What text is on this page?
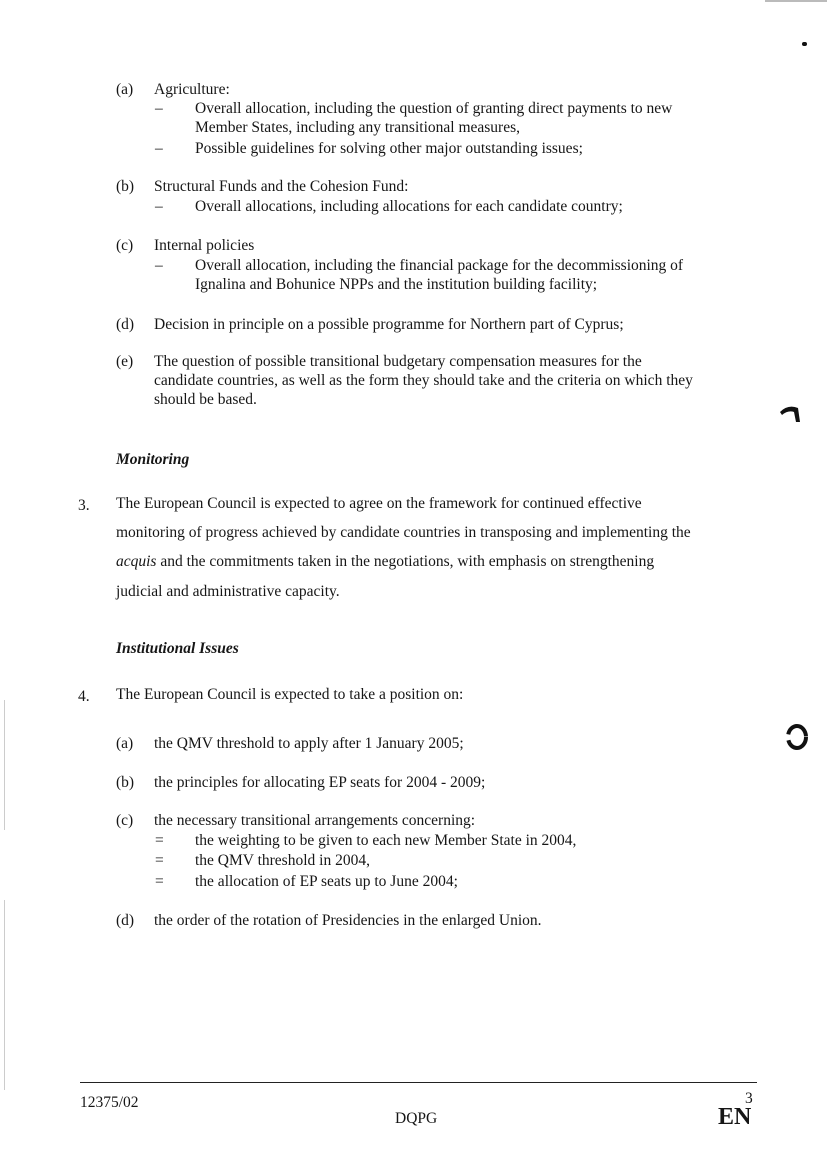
(a) Agriculture:
– Overall allocation, including the question of granting direct payments to new
Member States, including any transitional measures,
– Possible guidelines for solving other major outstanding issues;
(b) Structural Funds and the Cohesion Fund:
– Overall allocations, including allocations for each candidate country;
(c) Internal policies
– Overall allocation, including the financial package for the decommissioning of
Ignalina and Bohunice NPPs and the institution building facility;
(d) Decision in principle on a possible programme for Northern part of Cyprus;
(e) The question of possible transitional budgetary compensation measures for the
candidate countries, as well as the form they should take and the criteria on which they
should be based.
Monitoring
3. The European Council is expected to agree on the framework for continued effective
monitoring of progress achieved by candidate countries in transposing and implementing the
acquis and the commitments taken in the negotiations, with emphasis on strengthening
judicial and administrative capacity.
Institutional Issues
4. The European Council is expected to take a position on:
(a) the QMV threshold to apply after 1 January 2005;
(b) the principles for allocating EP seats for 2004 - 2009;
(c) the necessary transitional arrangements concerning:
= the weighting to be given to each new Member State in 2004,
= the QMV threshold in 2004,
= the allocation of EP seats up to June 2004;
(d) the order of the rotation of Presidencies in the enlarged Union.
12375/02
DQPG
3
EN
